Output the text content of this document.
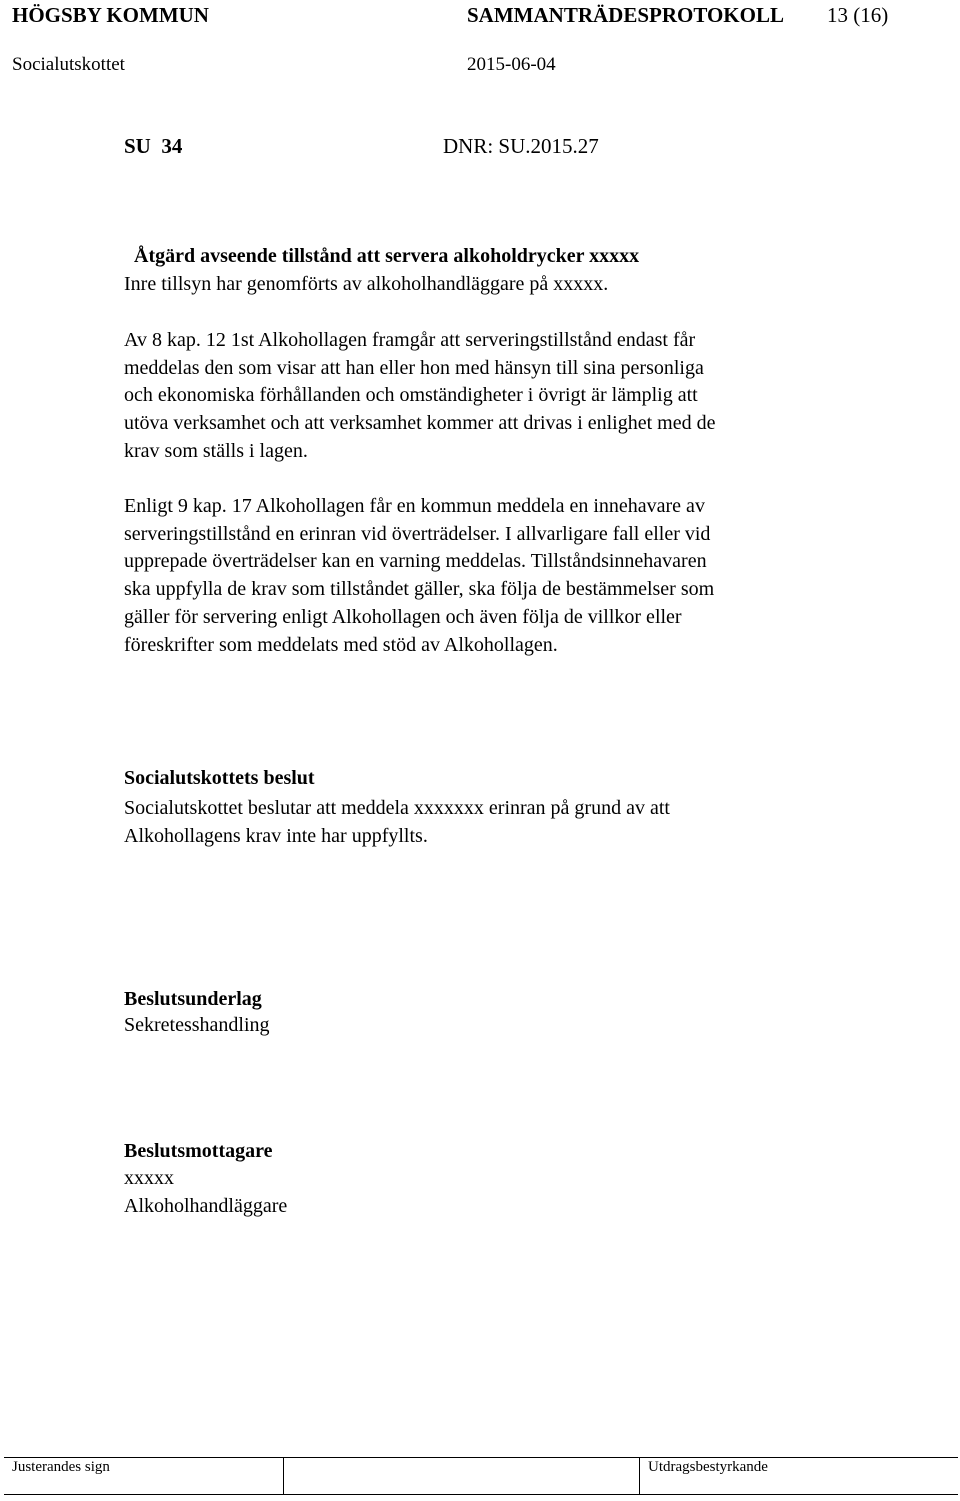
HÖGSBY KOMMUN	SAMMANTRÄDESPROTOKOLL 13 (16)
Socialutskottet	2015-06-04
SU  34	DNR: SU.2015.27
Åtgärd avseende tillstånd att servera alkoholdrycker xxxxx
Inre tillsyn har genomförts av alkoholhandläggare på xxxxx.
Av 8 kap. 12 1st Alkohollagen framgår att serveringstillstånd endast får
meddelas den som visar att han eller hon med hänsyn till sina personliga
och ekonomiska förhållanden och omständigheter i övrigt är lämplig att
utöva verksamhet och att verksamhet kommer att drivas i enlighet med de
krav som ställs i lagen.
Enligt 9 kap. 17 Alkohollagen får en kommun meddela en innehavare av
serveringstillstånd en erinran vid överträdelser. I allvarligare fall eller vid
upprepade överträdelser kan en varning meddelas. Tillståndsinnehavaren
ska uppfylla de krav som tillståndet gäller, ska följa de bestämmelser som
gäller för servering enligt Alkohollagen och även följa de villkor eller
föreskrifter som meddelats med stöd av Alkohollagen.
Socialutskottets beslut
Socialutskottet beslutar att meddela xxxxxxx erinran på grund av att
Alkohollagens krav inte har uppfyllts.
Beslutsunderlag
Sekretesshandling
Beslutsmottagare
xxxxx
Alkoholhandläggare
Justerandes sign	Utdragsbestyrkande
